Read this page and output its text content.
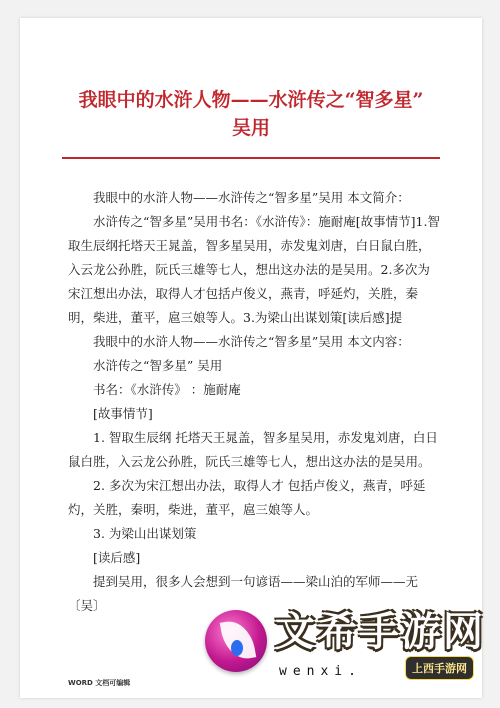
我眼中的水浒人物——水浒传之“智多星”
吴用

我眼中的水浒人物——水浒传之“智多星”吴用 本文简介：

水浒传之“智多星”吴用书名：《水浒传》：施耐庵[故事情节]1.智取生辰纲托塔天王晁盖，智多星吴用，赤发鬼刘唐，白日鼠白胜，入云龙公孙胜，阮氏三雄等七人，想出这办法的是吴用。2.多次为宋江想出办法，取得人才包括卢俊义，燕青，呼延灼，关胜，秦明，柴进，董平，扈三娘等人。3.为梁山出谋划策[读后感]提

我眼中的水浒人物——水浒传之“智多星”吴用 本文内容：

水浒传之“智多星” 吴用

书名：《水浒传》 ：施耐庵

[故事情节]

1. 智取生辰纲 托塔天王晁盖，智多星吴用，赤发鬼刘唐，白日鼠白胜，入云龙公孙胜，阮氏三雄等七人，想出这办法的是吴用。

2. 多次为宋江想出办法，取得人才 包括卢俊义，燕青，呼延灼，关胜，秦明，柴进，董平，扈三娘等人。

3. 为梁山出谋划策

[读后感]

提到吴用，很多人会想到一句谚语——梁山泊的军师——无〔吴〕

WORD 文档可编辑
文希手游网
wenxi.	上西手游网
